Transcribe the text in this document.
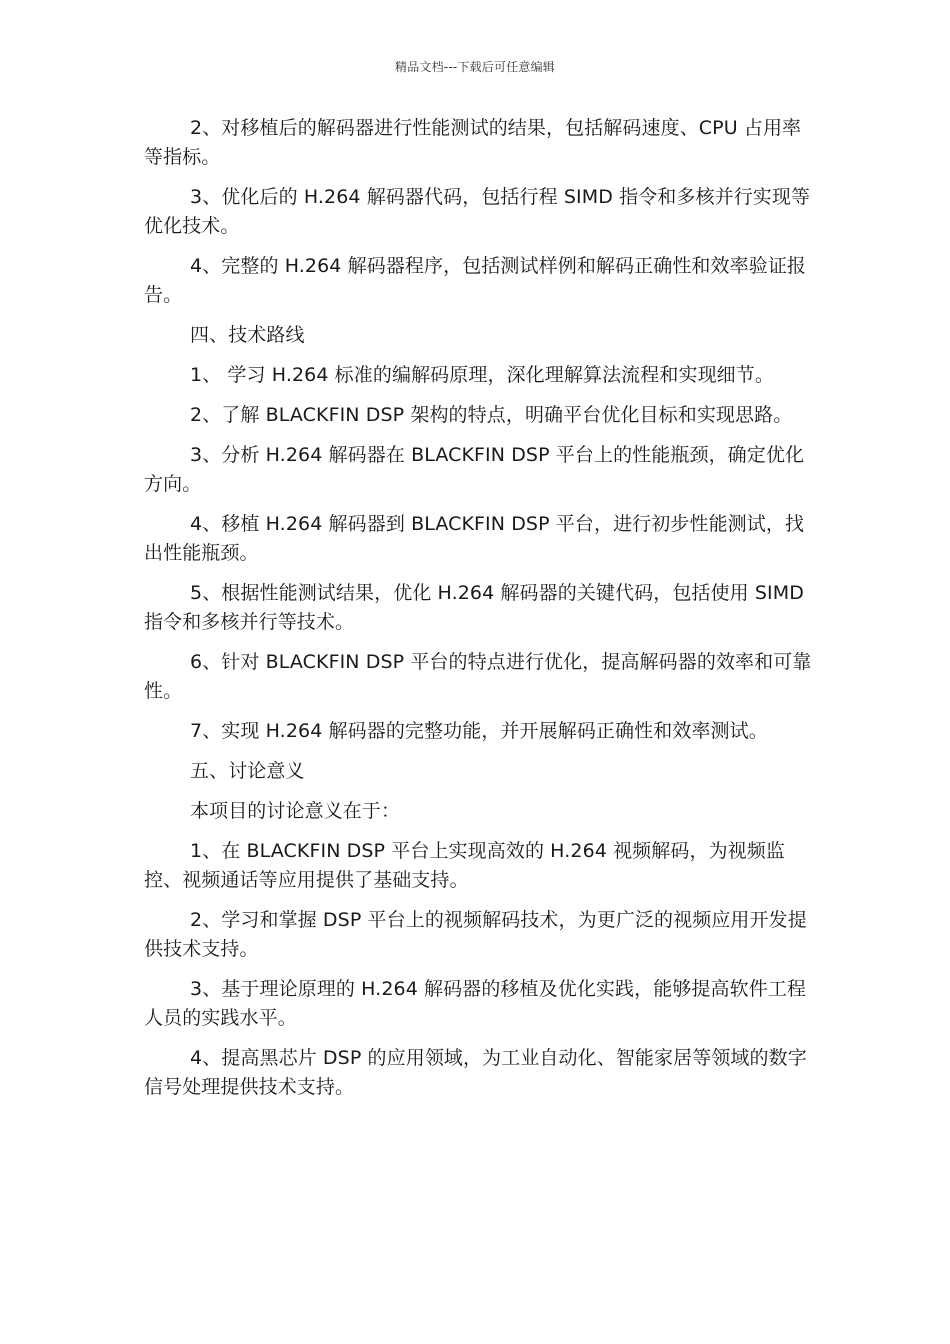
精品文档---下载后可任意编辑

2、对移植后的解码器进行性能测试的结果，包括解码速度、CPU 占用率等指标。

3、优化后的 H.264 解码器代码，包括行程 SIMD 指令和多核并行实现等优化技术。

4、完整的 H.264 解码器程序，包括测试样例和解码正确性和效率验证报告。

四、技术路线

1、 学习 H.264 标准的编解码原理，深化理解算法流程和实现细节。

2、了解 BLACKFIN DSP 架构的特点，明确平台优化目标和实现思路。

3、分析 H.264 解码器在 BLACKFIN DSP 平台上的性能瓶颈，确定优化方向。

4、移植 H.264 解码器到 BLACKFIN DSP 平台，进行初步性能测试，找出性能瓶颈。

5、根据性能测试结果，优化 H.264 解码器的关键代码，包括使用 SIMD 指令和多核并行等技术。

6、针对 BLACKFIN DSP 平台的特点进行优化，提高解码器的效率和可靠性。

7、实现 H.264 解码器的完整功能，并开展解码正确性和效率测试。

五、讨论意义

本项目的讨论意义在于：

1、在 BLACKFIN DSP 平台上实现高效的 H.264 视频解码，为视频监控、视频通话等应用提供了基础支持。

2、学习和掌握 DSP 平台上的视频解码技术，为更广泛的视频应用开发提供技术支持。

3、基于理论原理的 H.264 解码器的移植及优化实践，能够提高软件工程人员的实践水平。

4、提高黑芯片 DSP 的应用领域，为工业自动化、智能家居等领域的数字信号处理提供技术支持。
